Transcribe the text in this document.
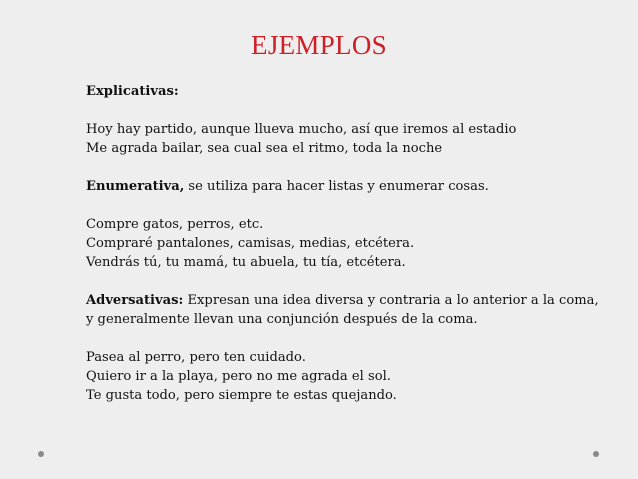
EJEMPLOS

Explicativas:

Hoy hay partido, aunque llueva mucho, así que iremos al estadio

Me agrada bailar, sea cual sea el ritmo, toda la noche

Enumerativa, se utiliza para hacer listas y enumerar cosas.

Compre gatos, perros, etc.

Compraré pantalones, camisas, medias, etcétera.

Vendrás tú, tu mamá, tu abuela, tu tía, etcétera.

Adversativas: Expresan una idea diversa y contraria a lo anterior a la coma, y generalmente llevan una conjunción después de la coma.

Pasea al perro, pero ten cuidado.

Quiero ir a la playa, pero no me agrada el sol.

Te gusta todo, pero siempre te estas quejando.
